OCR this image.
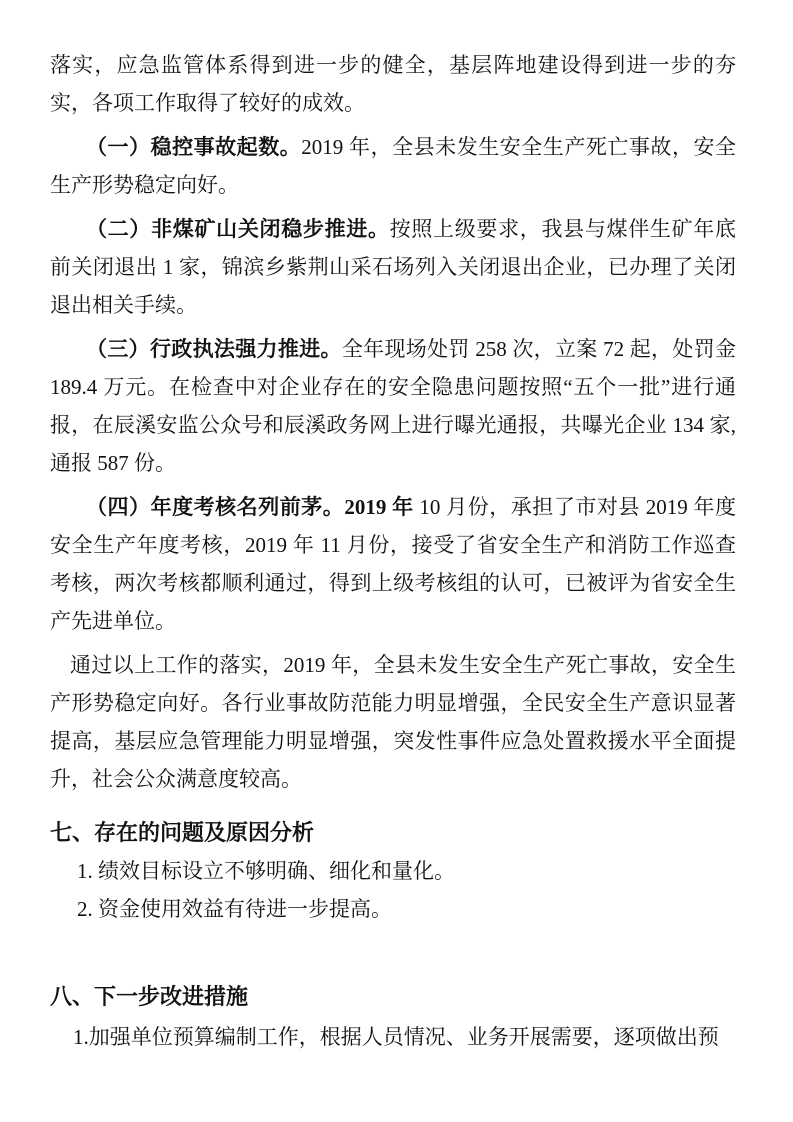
落实，应急监管体系得到进一步的健全，基层阵地建设得到进一步的夯实，各项工作取得了较好的成效。

（一）稳控事故起数。2019 年，全县未发生安全生产死亡事故，安全生产形势稳定向好。

（二）非煤矿山关闭稳步推进。按照上级要求，我县与煤伴生矿年底前关闭退出 1 家，锦滨乡紫荆山采石场列入关闭退出企业，已办理了关闭退出相关手续。

（三）行政执法强力推进。全年现场处罚 258 次，立案 72 起，处罚金 189.4 万元。在检查中对企业存在的安全隐患问题按照“五个一批”进行通报，在辰溪安监公众号和辰溪政务网上进行曝光通报，共曝光企业 134 家,通报 587 份。

（四）年度考核名列前茅。2019 年 10 月份，承担了市对县 2019 年度安全生产年度考核，2019 年 11 月份，接受了省安全生产和消防工作巡查考核，两次考核都顺利通过，得到上级考核组的认可，已被评为省安全生产先进单位。

通过以上工作的落实，2019 年，全县未发生安全生产死亡事故，安全生产形势稳定向好。各行业事故防范能力明显增强，全民安全生产意识显著提高，基层应急管理能力明显增强，突发性事件应急处置救援水平全面提升，社会公众满意度较高。

七、存在的问题及原因分析

1. 绩效目标设立不够明确、细化和量化。

2. 资金使用效益有待进一步提高。

八、下一步改进措施

1.加强单位预算编制工作，根据人员情况、业务开展需要，逐项做出预
